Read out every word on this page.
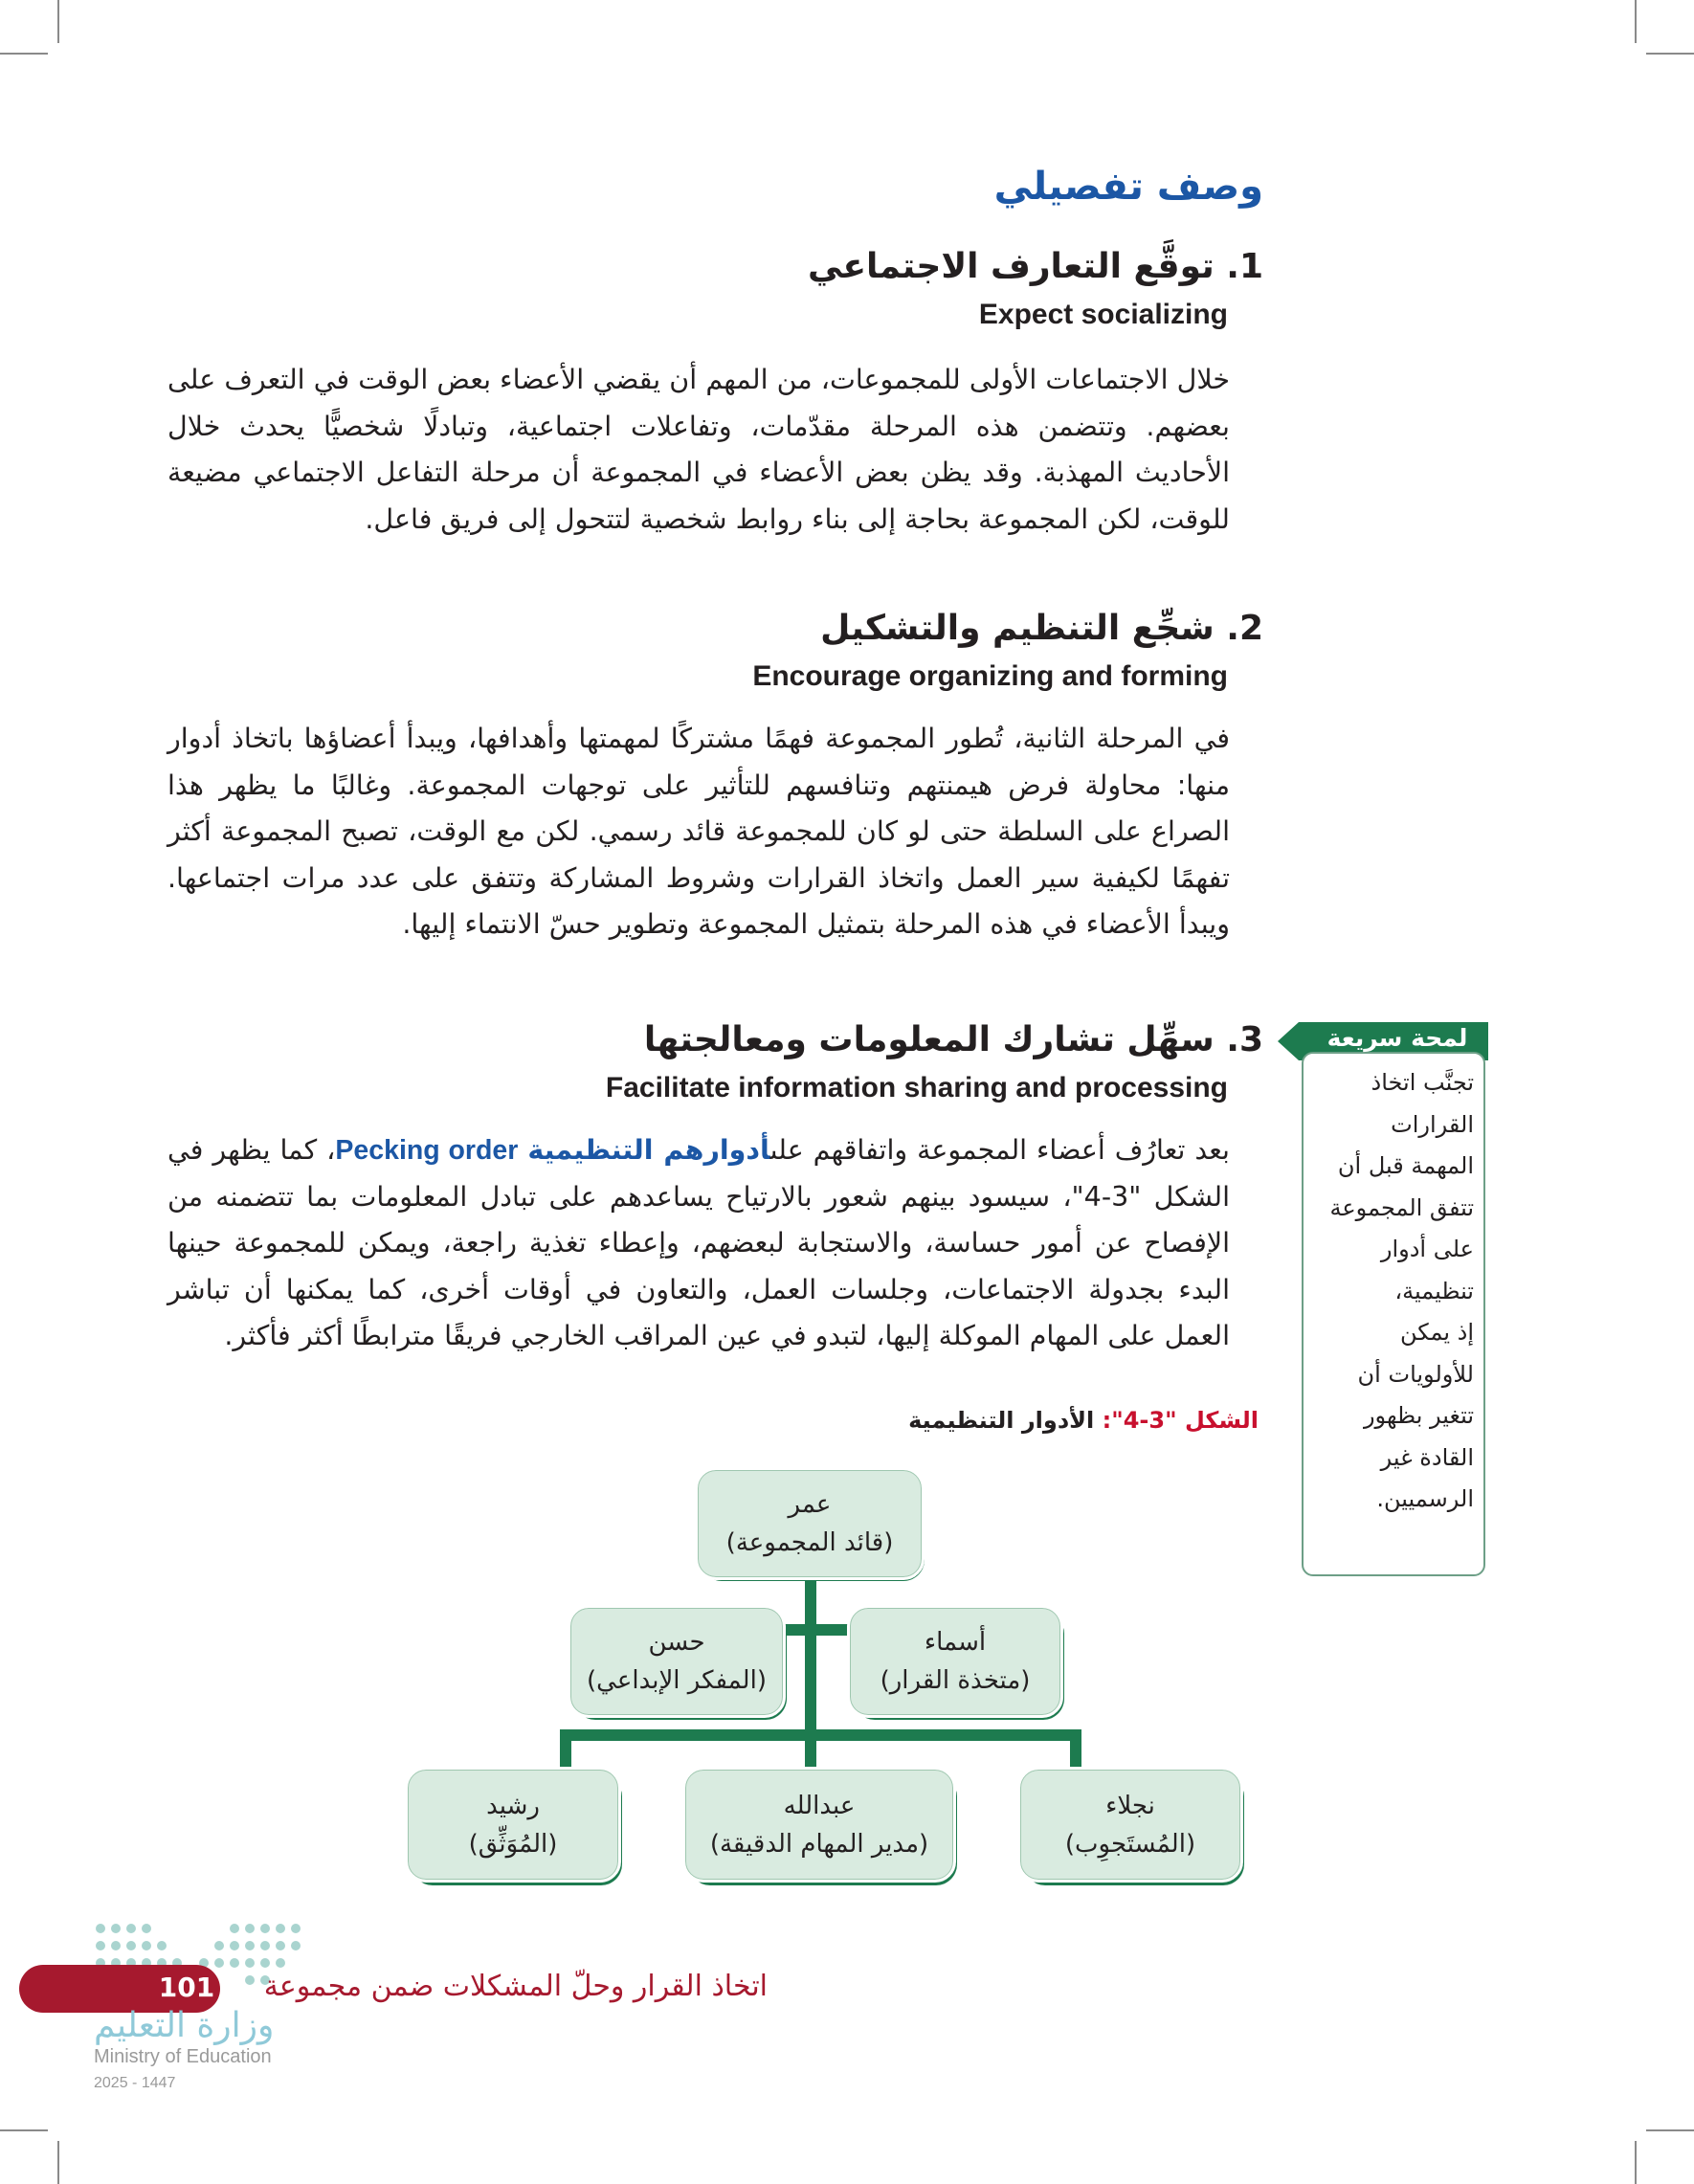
وصف تفصيلي
1. توقَّع التعارف الاجتماعي
Expect socializing
خلال الاجتماعات الأولى للمجموعات، من المهم أن يقضي الأعضاء بعض الوقت في التعرف على بعضهم. وتتضمن هذه المرحلة مقدّمات، وتفاعلات اجتماعية، وتبادلًا شخصيًّا يحدث خلال الأحاديث المهذبة. وقد يظن بعض الأعضاء في المجموعة أن مرحلة التفاعل الاجتماعي مضيعة للوقت، لكن المجموعة بحاجة إلى بناء روابط شخصية لتتحول إلى فريق فاعل.
2. شجِّع التنظيم والتشكيل
Encourage organizing and forming
في المرحلة الثانية، تُطور المجموعة فهمًا مشتركًا لمهمتها وأهدافها، ويبدأ أعضاؤها باتخاذ أدوار منها: محاولة فرض هيمنتهم وتنافسهم للتأثير على توجهات المجموعة. وغالبًا ما يظهر هذا الصراع على السلطة حتى لو كان للمجموعة قائد رسمي. لكن مع الوقت، تصبح المجموعة أكثر تفهمًا لكيفية سير العمل واتخاذ القرارات وشروط المشاركة وتتفق على عدد مرات اجتماعها. ويبدأ الأعضاء في هذه المرحلة بتمثيل المجموعة وتطوير حسّ الانتماء إليها.
3. سهِّل تشارك المعلومات ومعالجتها
Facilitate information sharing and processing
بعد تعارُف أعضاء المجموعة واتفاقهم علىأدوارهم التنظيمية Pecking order، كما يظهر في الشكل "3-4"، سيسود بينهم شعور بالارتياح يساعدهم على تبادل المعلومات بما تتضمنه من الإفصاح عن أمور حساسة، والاستجابة لبعضهم، وإعطاء تغذية راجعة، ويمكن للمجموعة حينها البدء بجدولة الاجتماعات، وجلسات العمل، والتعاون في أوقات أخرى، كما يمكنها أن تباشر العمل على المهام الموكلة إليها، لتبدو في عين المراقب الخارجي فريقًا مترابطًا أكثر فأكثر.
الشكل "3-4": الأدوار التنظيمية
لمحة سريعة
تجنَّب اتخاذ
القرارات
المهمة قبل أن
تتفق المجموعة
على أدوار
تنظيمية،
إذ يمكن
للأولويات أن
تتغير بظهور
القادة غير
الرسميين.
عمر
(قائد المجموعة)
حسن
(المفكر الإبداعي)
أسماء
(متخذة القرار)
رشيد
(المُوَثِّق)
عبدالله
(مدير المهام الدقيقة)
نجلاء
(المُستَجوِب)
101	اتخاذ القرار وحلّ المشكلات ضمن مجموعة
وزارة التعليم
Ministry of Education
2025 - 1447
